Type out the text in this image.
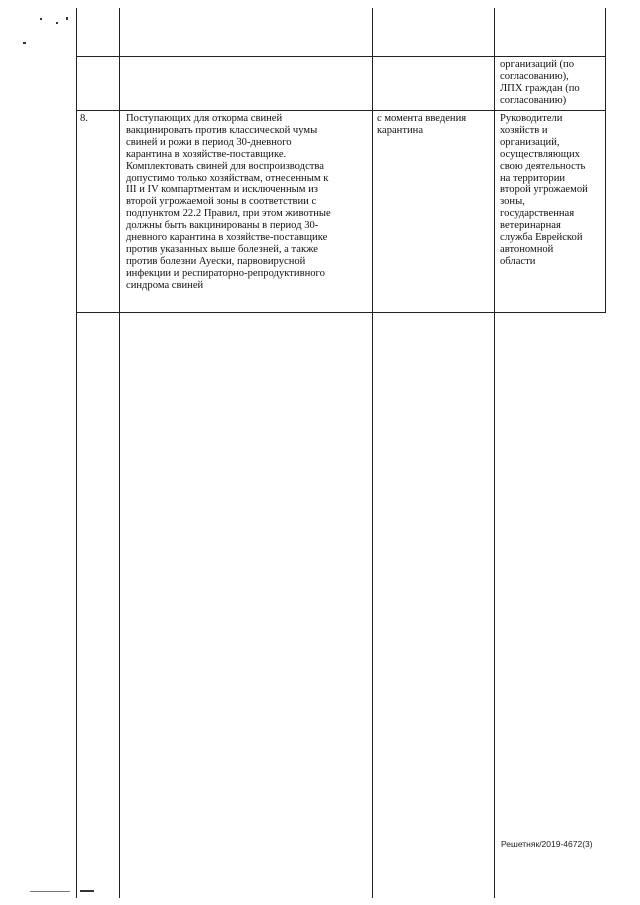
организаций (по
согласованию),
ЛПХ граждан (по
согласованию)
8.	Поступающих для откорма свиней
вакцинировать против классической чумы
свиней и рожи в период 30-дневного
карантина в хозяйстве-поставщике.
Комплектовать свиней для воспроизводства
допустимо только хозяйствам, отнесенным к
III и IV компартментам и исключенным из
второй угрожаемой зоны в соответствии с
подпунктом 22.2 Правил, при этом животные
должны быть вакцинированы в период 30-
дневного карантина в хозяйстве-поставщике
против указанных выше болезней, а также
против болезни Ауески, парвовирусной
инфекции и респираторно-репродуктивного
синдрома свиней
с момента введения
карантина
Руководители
хозяйств и
организаций,
осуществляющих
свою деятельность
на территории
второй угрожаемой
зоны,
государственная
ветеринарная
служба Еврейской
автономной
области
Решетняк/2019-4672(3)
